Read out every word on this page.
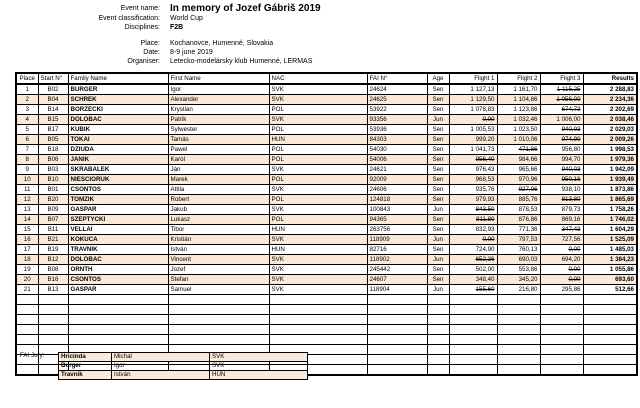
Event name: In memory of Jozef Gábriš 2019
Event classification: World Cup
Disciplines: F2B
Place: Kochanovce, Humenné, Slovakia
Date: 8-9 june 2019
Organiser: Letecko-modelársky klub Humenné, LERMAS
Place	Start N°	Family Name	First Name	NAC	FAI N°	Age	Flight 1	Flight 2	Flight 3	Results
1	B02	BURGER	Igor	SVK	24624	Sen	1 127,13	1 161,70	1 115,25	2 288,83
2	B04	SCHREK	Alexander	SVK	24625	Sen	1 129,50	1 104,86	1 056,00	2 234,36
3	B14	BORZECKI	Krystian	POL	53922	Sen	1 078,83	1 123,86	674,73	2 202,69
4	B15	DOLOBAC	Patrik	SVK	93356	Jun	0,00	1 032,46	1 006,00	2 038,46
5	B17	KUBIK	Sylwester	POL	53936	Sen	1 005,53	1 023,50	940,93	2 029,03
6	B05	TOKAI	Tamás	HUN	84303	Sen	999,20	1 010,06	974,90	2 009,26
7	B18	DZIUDA	Pawel	POL	54030	Sen	1 041,73	471,86	956,80	1 998,53
8	B06	JANIK	Karol	POL	54006	Sen	956,40	984,66	994,70	1 979,36
9	B03	SKRABALEK	Ján	SVK	24621	Sen	976,43	965,66	940,03	1 942,09
10	B10	NIESCIORUK	Marek	POL	92009	Sen	968,53	970,96	950,16	1 939,49
11	B01	CSONTOS	Attila	SVK	24606	Sen	935,76	927,96	938,10	1 873,86
12	B20	TOMZIK	Robert	POL	124818	Sen	979,93	885,76	813,80	1 865,69
13	B09	GASPAR	Jakub	SVK	100843	Jun	843,50	878,53	879,73	1 758,26
14	B07	SZEPTYCKI	Lukasz	POL	94365	Sen	811,80	876,86	869,16	1 746,02
15	B11	VELLAI	Tibor	HUN	263756	Sen	832,93	771,36	347,43	1 604,29
16	B21	KOKUCA	Kristián	SVK	118909	Jun	0,00	797,53	727,56	1 525,09
17	B19	TRAVNIK	István	HUN	82716	Sen	724,90	760,13	0,00	1 485,03
18	B12	DOLOBAC	Vincent	SVK	118902	Jun	652,36	690,03	694,20	1 384,23
19	B08	ORNTH	Jozef	SVK	245442	Sen	502,00	553,86	0,00	1 055,86
20	B16	CSONTOS	Stefan	SVK	24607	Sen	348,40	345,20	0,00	693,60
21	B13	GASPAR	Samuel	SVK	118904	Jun	155,60	216,80	295,86	512,66

FAI Jury:	Hricinda	Michal	SVK
Burger	Igor	SVK
Travnik	István	HUN
